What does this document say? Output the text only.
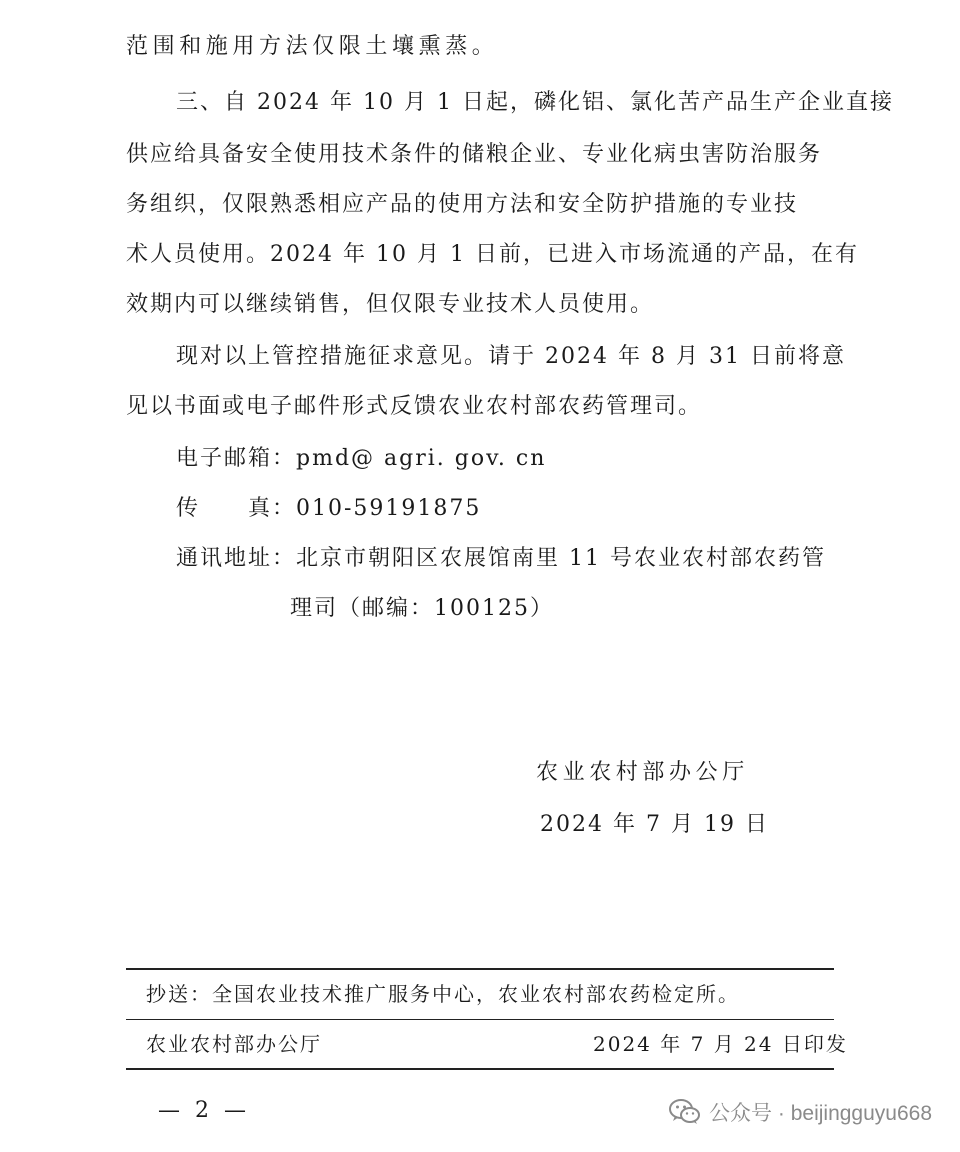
范围和施用方法仅限土壤熏蒸。
三、自 2024 年 10 月 1 日起，磷化铝、氯化苦产品生产企业直接
供应给具备安全使用技术条件的储粮企业、专业化病虫害防治服务
务组织，仅限熟悉相应产品的使用方法和安全防护措施的专业技
术人员使用。2024 年 10 月 1 日前，已进入市场流通的产品，在有
效期内可以继续销售，但仅限专业技术人员使用。
现对以上管控措施征求意见。请于 2024 年 8 月 31 日前将意
见以书面或电子邮件形式反馈农业农村部农药管理司。
电子邮箱：pmd@ agri. gov. cn
传　　真：010-59191875
通讯地址：北京市朝阳区农展馆南里 11 号农业农村部农药管
理司（邮编：100125）
农业农村部办公厅
2024 年 7 月 19 日
抄送：全国农业技术推广服务中心，农业农村部农药检定所。
农业农村部办公厅	2024 年 7 月 24 日印发
— 2 —	公众号 · beijingguyu668
